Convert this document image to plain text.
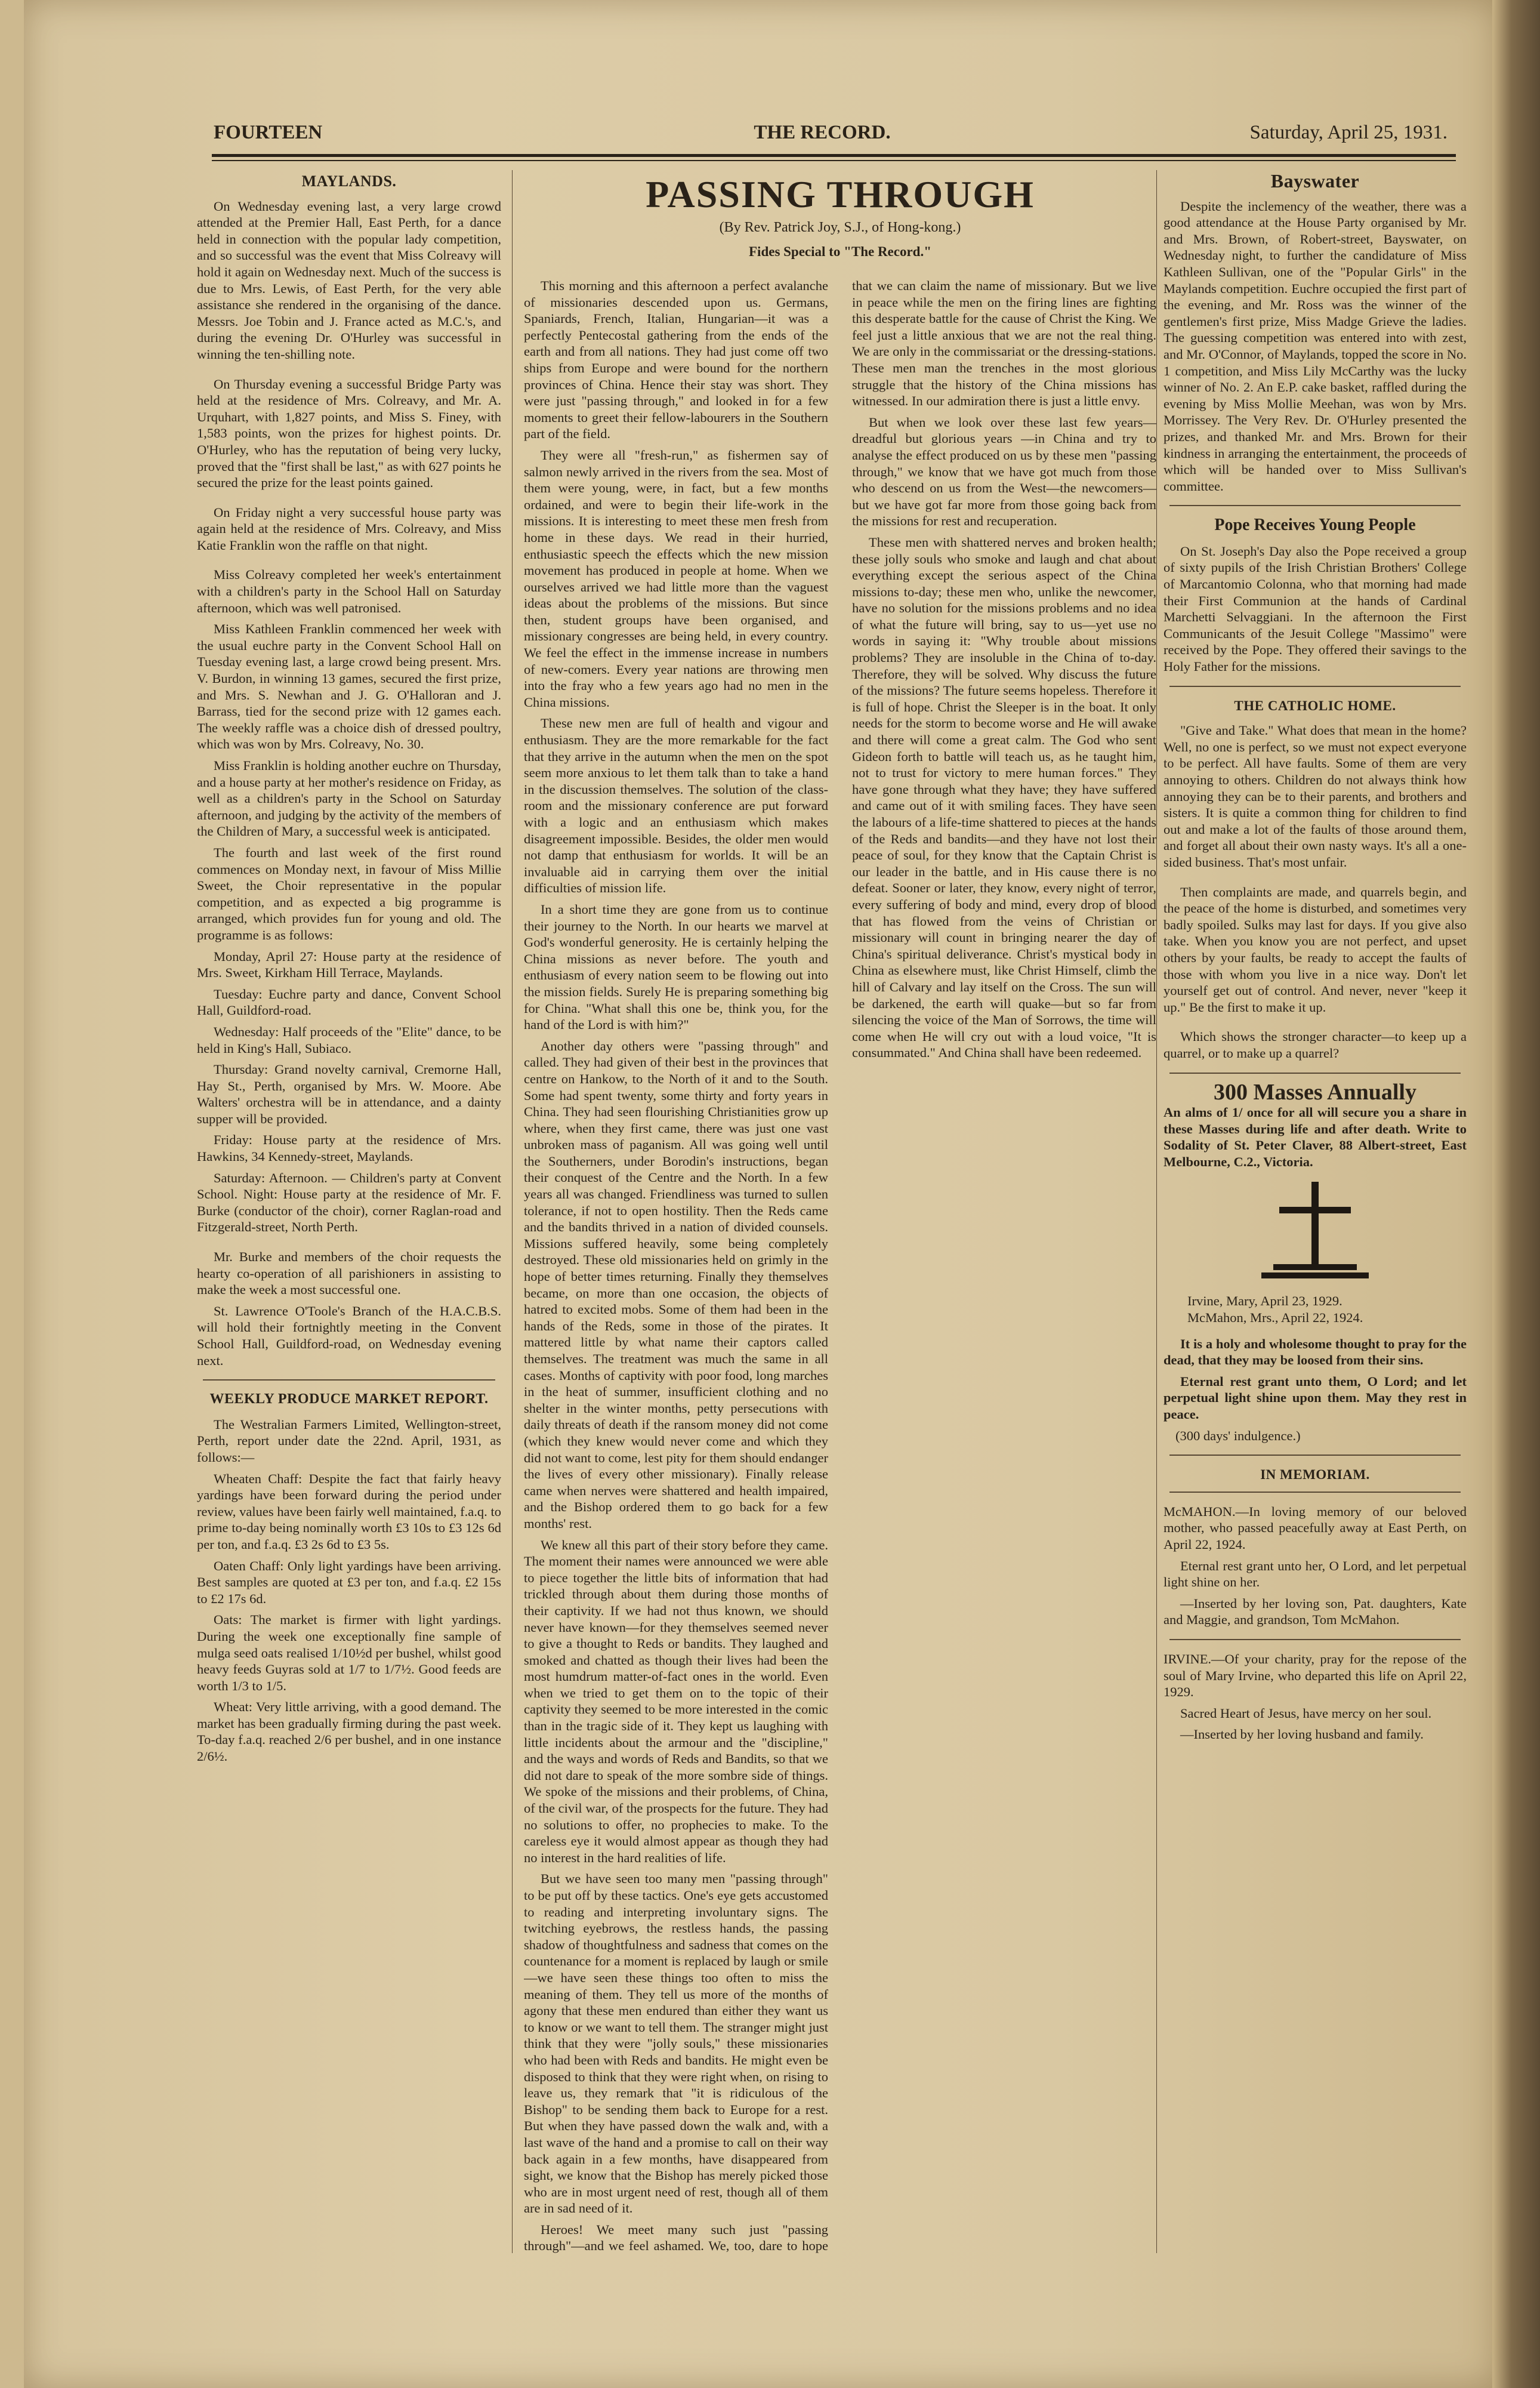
THE RECORD.
FOURTEEN	Saturday, April 25, 1931.
MAYLANDS.

On Wednesday evening last, a very large crowd attended at the Premier Hall, East Perth, for a dance held in connection with the popular lady competition, and so successful was the event that Miss Colreavy will hold it again on Wednesday next. Much of the success is due to Mrs. Lewis, of East Perth, for the very able assistance she rendered in the organising of the dance. Messrs. Joe Tobin and J. France acted as M.C.'s, and during the evening Dr. O'Hurley was successful in winning the ten-shilling note.

On Thursday evening a successful Bridge Party was held at the residence of Mrs. Colreavy, and Mr. A. Urquhart, with 1,827 points, and Miss S. Finey, with 1,583 points, won the prizes for highest points. Dr. O'Hurley, who has the reputation of being very lucky, proved that the "first shall be last," as with 627 points he secured the prize for the least points gained.

On Friday night a very successful house party was again held at the residence of Mrs. Colreavy, and Miss Katie Franklin won the raffle on that night.

Miss Colreavy completed her week's entertainment with a children's party in the School Hall on Saturday afternoon, which was well patronised.

Miss Kathleen Franklin commenced her week with the usual euchre party in the Convent School Hall on Tuesday evening last, a large crowd being present. Mrs. V. Burdon, in winning 13 games, secured the first prize, and Mrs. S. Newhan and J. G. O'Halloran and J. Barrass, tied for the second prize with 12 games each. The weekly raffle was a choice dish of dressed poultry, which was won by Mrs. Colreavy, No. 30.

Miss Franklin is holding another euchre on Thursday, and a house party at her mother's residence on Friday, as well as a children's party in the School on Saturday afternoon, and judging by the activity of the members of the Children of Mary, a successful week is anticipated.

The fourth and last week of the first round commences on Monday next, in favour of Miss Millie Sweet, the Choir representative in the popular competition, and as expected a big programme is arranged, which provides fun for young and old. The programme is as follows:

Monday, April 27: House party at the residence of Mrs. Sweet, Kirkham Hill Terrace, Maylands.

Tuesday: Euchre party and dance, Convent School Hall, Guildford-road.

Wednesday: Half proceeds of the "Elite" dance, to be held in King's Hall, Subiaco.

Thursday: Grand novelty carnival, Cremorne Hall, Hay St., Perth, organised by Mrs. W. Moore. Abe Walters' orchestra will be in attendance, and a dainty supper will be provided.

Friday: House party at the residence of Mrs. Hawkins, 34 Kennedy-street, Maylands.

Saturday: Afternoon. — Children's party at Convent School. Night: House party at the residence of Mr. F. Burke (conductor of the choir), corner Raglan-road and Fitzgerald-street, North Perth.

Mr. Burke and members of the choir requests the hearty co-operation of all parishioners in assisting to make the week a most successful one.

St. Lawrence O'Toole's Branch of the H.A.C.B.S. will hold their fortnightly meeting in the Convent School Hall, Guildford-road, on Wednesday evening next.

WEEKLY PRODUCE MARKET REPORT.

The Westralian Farmers Limited, Wellington-street, Perth, report under date the 22nd. April, 1931, as follows:—

Wheaten Chaff: Despite the fact that fairly heavy yardings have been forward during the period under review, values have been fairly well maintained, f.a.q. to prime to-day being nominally worth £3 10s to £3 12s 6d per ton, and f.a.q. £3 2s 6d to £3 5s.

Oaten Chaff: Only light yardings have been arriving. Best samples are quoted at £3 per ton, and f.a.q. £2 15s to £2 17s 6d.

Oats: The market is firmer with light yardings. During the week one exceptionally fine sample of mulga seed oats realised 1/10½d per bushel, whilst good heavy feeds Guyras sold at 1/7 to 1/7½. Good feeds are worth 1/3 to 1/5.

Wheat: Very little arriving, with a good demand. The market has been gradually firming during the past week. To-day f.a.q. reached 2/6 per bushel, and in one instance 2/6½.

PASSING THROUGH
(By Rev. Patrick Joy, S.J., of Hong-kong.)
Fides Special to "The Record."

This morning and this afternoon a perfect avalanche of missionaries descended upon us. Germans, Spaniards, French, Italian, Hungarian—it was a perfectly Pentecostal gathering from the ends of the earth and from all nations. They had just come off two ships from Europe and were bound for the northern provinces of China. Hence their stay was short. They were just "passing through," and looked in for a few moments to greet their fellow-labourers in the Southern part of the field.

They were all "fresh-run," as fishermen say of salmon newly arrived in the rivers from the sea. Most of them were young, were, in fact, but a few months ordained, and were to begin their life-work in the missions. It is interesting to meet these men fresh from home in these days. We read in their hurried, enthusiastic speech the effects which the new mission movement has produced in people at home. When we ourselves arrived we had little more than the vaguest ideas about the problems of the missions. But since then, student groups have been organised, and missionary congresses are being held, in every country. We feel the effect in the immense increase in numbers of new-comers. Every year nations are throwing men into the fray who a few years ago had no men in the China missions.

These new men are full of health and vigour and enthusiasm. They are the more remarkable for the fact that they arrive in the autumn when the men on the spot seem more anxious to let them talk than to take a hand in the discussion themselves. The solution of the class-room and the missionary conference are put forward with a logic and an enthusiasm which makes disagreement impossible. Besides, the older men would not damp that enthusiasm for worlds. It will be an invaluable aid in carrying them over the initial difficulties of mission life.

In a short time they are gone from us to continue their journey to the North. In our hearts we marvel at God's wonderful generosity. He is certainly helping the China missions as never before. The youth and enthusiasm of every nation seem to be flowing out into the mission fields. Surely He is preparing something big for China. "What shall this one be, think you, for the hand of the Lord is with him?"

Another day others were "passing through" and called. They had given of their best in the provinces that centre on Hankow, to the North of it and to the South. Some had spent twenty, some thirty and forty years in China. They had seen flourishing Christianities grow up where, when they first came, there was just one vast unbroken mass of paganism. All was going well until the Southerners, under Borodin's instructions, began their conquest of the Centre and the North. In a few years all was changed. Friendliness was turned to sullen tolerance, if not to open hostility. Then the Reds came and the bandits thrived in a nation of divided counsels. Missions suffered heavily, some being completely destroyed. These old missionaries held on grimly in the hope of better times returning. Finally they themselves became, on more than one occasion, the objects of hatred to excited mobs. Some of them had been in the hands of the Reds, some in those of the pirates. It mattered little by what name their captors called themselves. The treatment was much the same in all cases. Months of captivity with poor food, long marches in the heat of summer, insufficient clothing and no shelter in the winter months, petty persecutions with daily threats of death if the ransom money did not come (which they knew would never come and which they did not want to come, lest pity for them should endanger the lives of every other missionary). Finally release came when nerves were shattered and health impaired, and the Bishop ordered them to go back for a few months' rest.

We knew all this part of their story before they came. The moment their names were announced we were able to piece together the little bits of information that had trickled through about them during those months of their captivity. If we had not thus known, we should never have known—for they themselves seemed never to give a thought to Reds or bandits. They laughed and smoked and chatted as though their lives had been the most humdrum matter-of-fact ones in the world. Even when we tried to get them on to the topic of their captivity they seemed to be more interested in the comic than in the tragic side of it. They kept us laughing with little incidents about the armour and the "discipline," and the ways and words of Reds and Bandits, so that we did not dare to speak of the more sombre side of things. We spoke of the missions and their problems, of China, of the civil war, of the prospects for the future. They had no solutions to offer, no prophecies to make. To the careless eye it would almost appear as though they had no interest in the hard realities of life.

But we have seen too many men "passing through" to be put off by these tactics. One's eye gets accustomed to reading and interpreting involuntary signs. The twitching eyebrows, the restless hands, the passing shadow of thoughtfulness and sadness that comes on the countenance for a moment is replaced by laugh or smile—we have seen these things too often to miss the meaning of them. They tell us more of the months of agony that these men endured than either they want us to know or we want to tell them. The stranger might just think that they were "jolly souls," these missionaries who had been with Reds and bandits. He might even be disposed to think that they were right when, on rising to leave us, they remark that "it is ridiculous of the Bishop" to be sending them back to Europe for a rest. But when they have passed down the walk and, with a last wave of the hand and a promise to call on their way back again in a few months, have disappeared from sight, we know that the Bishop has merely picked those who are in most urgent need of rest, though all of them are in sad need of it.

Heroes! We meet many such just "passing through"—and we feel ashamed. We, too, dare to hope that we can claim the name of missionary. But we live in peace while the men on the firing lines are fighting this desperate battle for the cause of Christ the King. We feel just a little anxious that we are not the real thing. We are only in the commissariat or the dressing-stations. These men man the trenches in the most glorious struggle that the history of the China missions has witnessed. In our admiration there is just a little envy.

But when we look over these last few years—dreadful but glorious years —in China and try to analyse the effect produced on us by these men "passing through," we know that we have got much from those who descend on us from the West—the newcomers—but we have got far more from those going back from the missions for rest and recuperation.

These men with shattered nerves and broken health; these jolly souls who smoke and laugh and chat about everything except the serious aspect of the China missions to-day; these men who, unlike the newcomer, have no solution for the missions problems and no idea of what the future will bring, say to us—yet use no words in saying it: "Why trouble about missions problems? They are insoluble in the China of to-day. Therefore, they will be solved. Why discuss the future of the missions? The future seems hopeless. Therefore it is full of hope. Christ the Sleeper is in the boat. It only needs for the storm to become worse and He will awake and there will come a great calm. The God who sent Gideon forth to battle will teach us, as he taught him, not to trust for victory to mere human forces." They have gone through what they have; they have suffered and came out of it with smiling faces. They have seen the labours of a life-time shattered to pieces at the hands of the Reds and bandits—and they have not lost their peace of soul, for they know that the Captain Christ is our leader in the battle, and in His cause there is no defeat. Sooner or later, they know, every night of terror, every suffering of body and mind, every drop of blood that has flowed from the veins of Christian or missionary will count in bringing nearer the day of China's spiritual deliverance. Christ's mystical body in China as elsewhere must, like Christ Himself, climb the hill of Calvary and lay itself on the Cross. The sun will be darkened, the earth will quake—but so far from silencing the voice of the Man of Sorrows, the time will come when He will cry out with a loud voice, "It is consummated." And China shall have been redeemed.

Bayswater

Despite the inclemency of the weather, there was a good attendance at the House Party organised by Mr. and Mrs. Brown, of Robert-street, Bayswater, on Wednesday night, to further the candidature of Miss Kathleen Sullivan, one of the "Popular Girls" in the Maylands competition. Euchre occupied the first part of the evening, and Mr. Ross was the winner of the gentlemen's first prize, Miss Madge Grieve the ladies. The guessing competition was entered into with zest, and Mr. O'Connor, of Maylands, topped the score in No. 1 competition, and Miss Lily McCarthy was the lucky winner of No. 2. An E.P. cake basket, raffled during the evening by Miss Mollie Meehan, was won by Mrs. Morrissey. The Very Rev. Dr. O'Hurley presented the prizes, and thanked Mr. and Mrs. Brown for their kindness in arranging the entertainment, the proceeds of which will be handed over to Miss Sullivan's committee.

Pope Receives Young People

On St. Joseph's Day also the Pope received a group of sixty pupils of the Irish Christian Brothers' College of Marcantomio Colonna, who that morning had made their First Communion at the hands of Cardinal Marchetti Selvaggiani. In the afternoon the First Communicants of the Jesuit College "Massimo" were received by the Pope. They offered their savings to the Holy Father for the missions.

THE CATHOLIC HOME.

"Give and Take." What does that mean in the home? Well, no one is perfect, so we must not expect everyone to be perfect. All have faults. Some of them are very annoying to others. Children do not always think how annoying they can be to their parents, and brothers and sisters. It is quite a common thing for children to find out and make a lot of the faults of those around them, and forget all about their own nasty ways. It's all a one-sided business. That's most unfair.

Then complaints are made, and quarrels begin, and the peace of the home is disturbed, and sometimes very badly spoiled. Sulks may last for days. If you give also take. When you know you are not perfect, and upset others by your faults, be ready to accept the faults of those with whom you live in a nice way. Don't let yourself get out of control. And never, never "keep it up." Be the first to make it up.

Which shows the stronger character—to keep up a quarrel, or to make up a quarrel?

300 Masses Annually

An alms of 1/ once for all will secure you a share in these Masses during life and after death. Write to Sodality of St. Peter Claver, 88 Albert-street, East Melbourne, C.2., Victoria.

Irvine, Mary, April 23, 1929.

McMahon, Mrs., April 22, 1924.

It is a holy and wholesome thought to pray for the dead, that they may be loosed from their sins.

Eternal rest grant unto them, O Lord; and let perpetual light shine upon them. May they rest in peace.

(300 days' indulgence.)

IN MEMORIAM.

McMAHON.—In loving memory of our beloved mother, who passed peacefully away at East Perth, on April 22, 1924.

Eternal rest grant unto her, O Lord, and let perpetual light shine on her.

—Inserted by her loving son, Pat. daughters, Kate and Maggie, and grandson, Tom McMahon.

IRVINE.—Of your charity, pray for the repose of the soul of Mary Irvine, who departed this life on April 22, 1929.

Sacred Heart of Jesus, have mercy on her soul.

—Inserted by her loving husband and family.
